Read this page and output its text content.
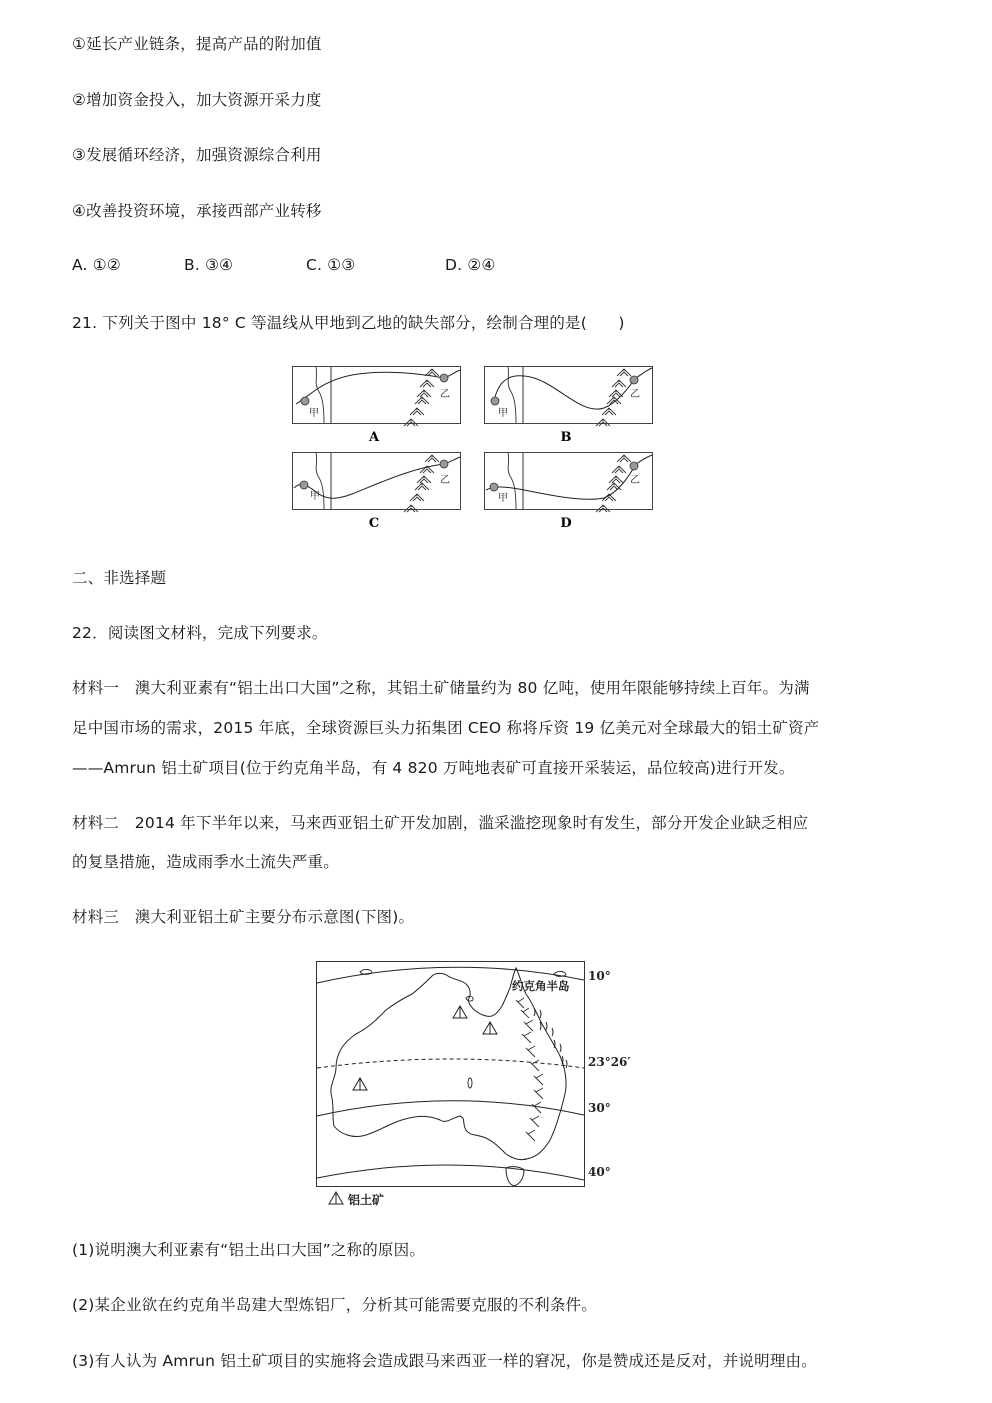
①延长产业链条，提高产品的附加值
②增加资金投入，加大资源开采力度
③发展循环经济，加强资源综合利用
④改善投资环境，承接西部产业转移
A. ①②	B. ③④	C. ①③	D. ②④
21. 下列关于图中 18° C 等温线从甲地到乙地的缺失部分，绘制合理的是(　　)
甲
乙
A
甲
乙
B
甲
乙
C
甲
乙
D
二、非选择题
22．阅读图文材料，完成下列要求。
材料一　澳大利亚素有“铝土出口大国”之称，其铝土矿储量约为 80 亿吨，使用年限能够持续上百年。为满
足中国市场的需求，2015 年底，全球资源巨头力拓集团 CEO 称将斥资 19 亿美元对全球最大的铝土矿资产
——Amrun 铝土矿项目(位于约克角半岛，有 4 820 万吨地表矿可直接开采装运，品位较高)进行开发。
材料二　2014 年下半年以来，马来西亚铝土矿开发加剧，滥采滥挖现象时有发生，部分开发企业缺乏相应
的复垦措施，造成雨季水土流失严重。
材料三　澳大利亚铝土矿主要分布示意图(下图)。
约克角半岛
10°
23°26′
30°
40°
铝土矿
(1)说明澳大利亚素有“铝土出口大国”之称的原因。
(2)某企业欲在约克角半岛建大型炼铝厂，分析其可能需要克服的不利条件。
(3)有人认为 Amrun 铝土矿项目的实施将会造成跟马来西亚一样的窘况，你是赞成还是反对，并说明理由。
